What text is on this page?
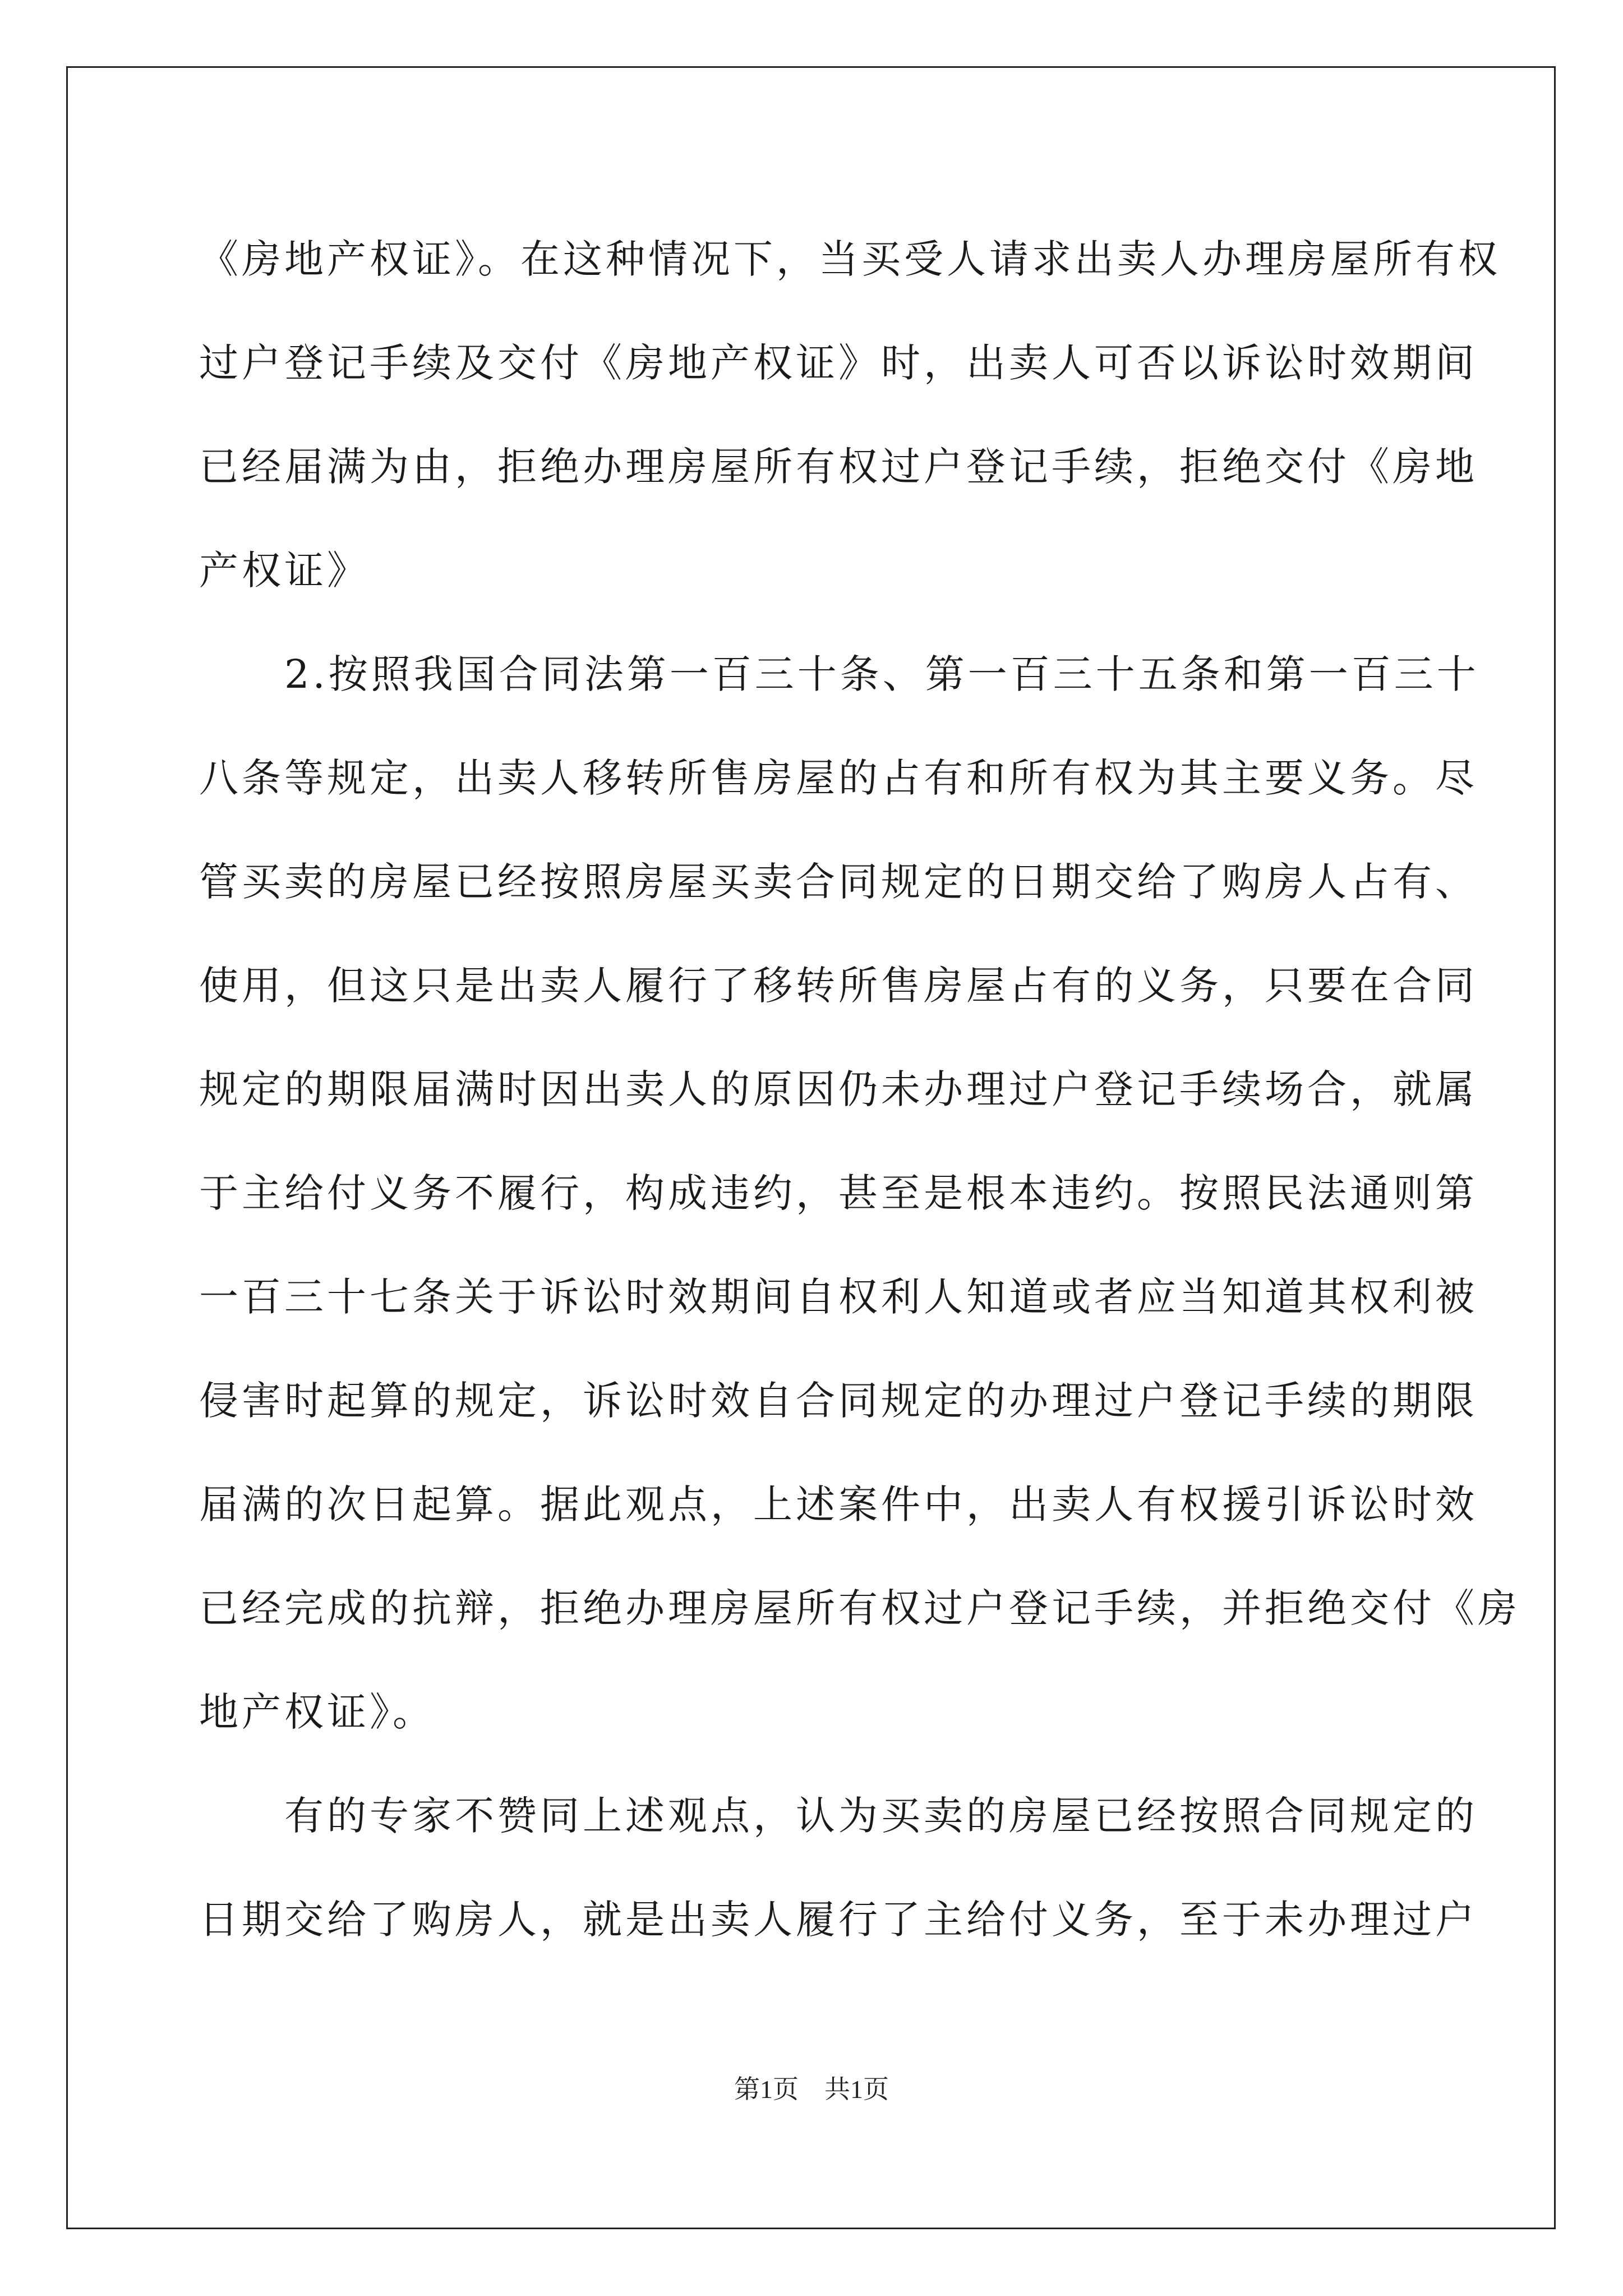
《房地产权证》。在这种情况下，当买受人请求出卖人办理房屋所有权
过户登记手续及交付《房地产权证》时，出卖人可否以诉讼时效期间
已经届满为由，拒绝办理房屋所有权过户登记手续，拒绝交付《房地
产权证》
　　2.按照我国合同法第一百三十条、第一百三十五条和第一百三十
八条等规定，出卖人移转所售房屋的占有和所有权为其主要义务。尽
管买卖的房屋已经按照房屋买卖合同规定的日期交给了购房人占有、
使用，但这只是出卖人履行了移转所售房屋占有的义务，只要在合同
规定的期限届满时因出卖人的原因仍未办理过户登记手续场合，就属
于主给付义务不履行，构成违约，甚至是根本违约。按照民法通则第
一百三十七条关于诉讼时效期间自权利人知道或者应当知道其权利被
侵害时起算的规定，诉讼时效自合同规定的办理过户登记手续的期限
届满的次日起算。据此观点，上述案件中，出卖人有权援引诉讼时效
已经完成的抗辩，拒绝办理房屋所有权过户登记手续，并拒绝交付《房
地产权证》。
　　有的专家不赞同上述观点，认为买卖的房屋已经按照合同规定的
日期交给了购房人，就是出卖人履行了主给付义务，至于未办理过户
第1页　共1页
